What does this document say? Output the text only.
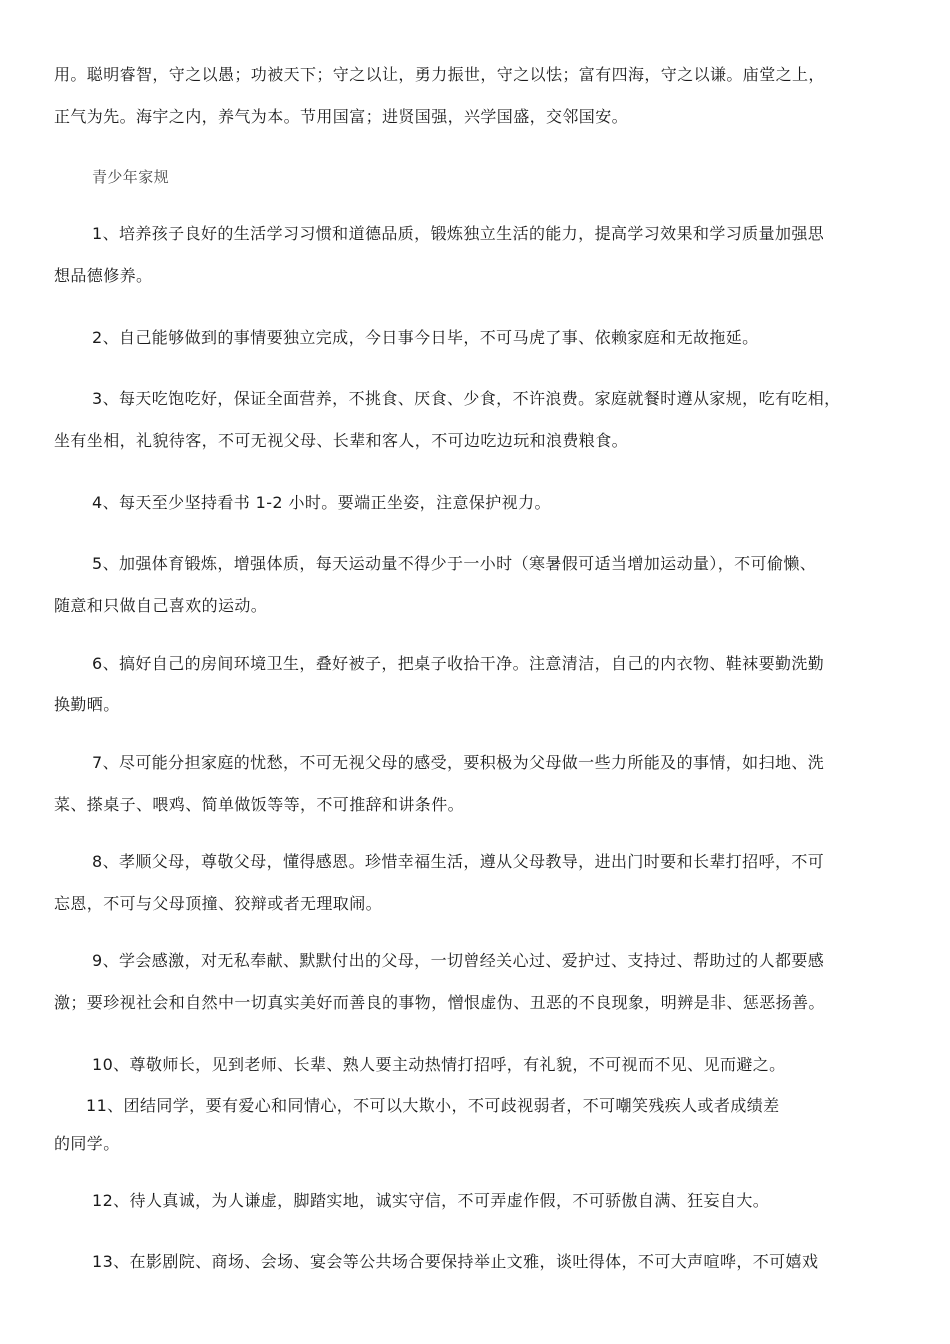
用。聪明睿智，守之以愚；功被天下；守之以让，勇力振世，守之以怯；富有四海，守之以谦。庙堂之上，
正气为先。海宇之内，养气为本。节用国富；进贤国强，兴学国盛，交邻国安。
青少年家规
1、培养孩子良好的生活学习习惯和道德品质，锻炼独立生活的能力，提高学习效果和学习质量加强思
想品德修养。
2、自己能够做到的事情要独立完成，今日事今日毕，不可马虎了事、依赖家庭和无故拖延。
3、每天吃饱吃好，保证全面营养，不挑食、厌食、少食，不许浪费。家庭就餐时遵从家规，吃有吃相，
坐有坐相，礼貌待客，不可无视父母、长辈和客人，不可边吃边玩和浪费粮食。
4、每天至少坚持看书 1-2 小时。要端正坐姿，注意保护视力。
5、加强体育锻炼，增强体质，每天运动量不得少于一小时（寒暑假可适当增加运动量），不可偷懒、
随意和只做自己喜欢的运动。
6、搞好自己的房间环境卫生，叠好被子，把桌子收拾干净。注意清洁，自己的内衣物、鞋袜要勤洗勤
换勤晒。
7、尽可能分担家庭的忧愁，不可无视父母的感受，要积极为父母做一些力所能及的事情，如扫地、洗
菜、搽桌子、喂鸡、简单做饭等等，不可推辞和讲条件。
8、孝顺父母，尊敬父母，懂得感恩。珍惜幸福生活，遵从父母教导，进出门时要和长辈打招呼，不可
忘恩，不可与父母顶撞、狡辩或者无理取闹。
9、学会感激，对无私奉献、默默付出的父母，一切曾经关心过、爱护过、支持过、帮助过的人都要感
激；要珍视社会和自然中一切真实美好而善良的事物，憎恨虚伪、丑恶的不良现象，明辨是非、惩恶扬善。
10、尊敬师长，见到老师、长辈、熟人要主动热情打招呼，有礼貌，不可视而不见、见而避之。
11、团结同学，要有爱心和同情心，不可以大欺小，不可歧视弱者，不可嘲笑残疾人或者成绩差
的同学。
12、待人真诚，为人谦虚，脚踏实地，诚实守信，不可弄虚作假，不可骄傲自满、狂妄自大。
13、在影剧院、商场、会场、宴会等公共场合要保持举止文雅，谈吐得体，不可大声喧哗，不可嬉戏
